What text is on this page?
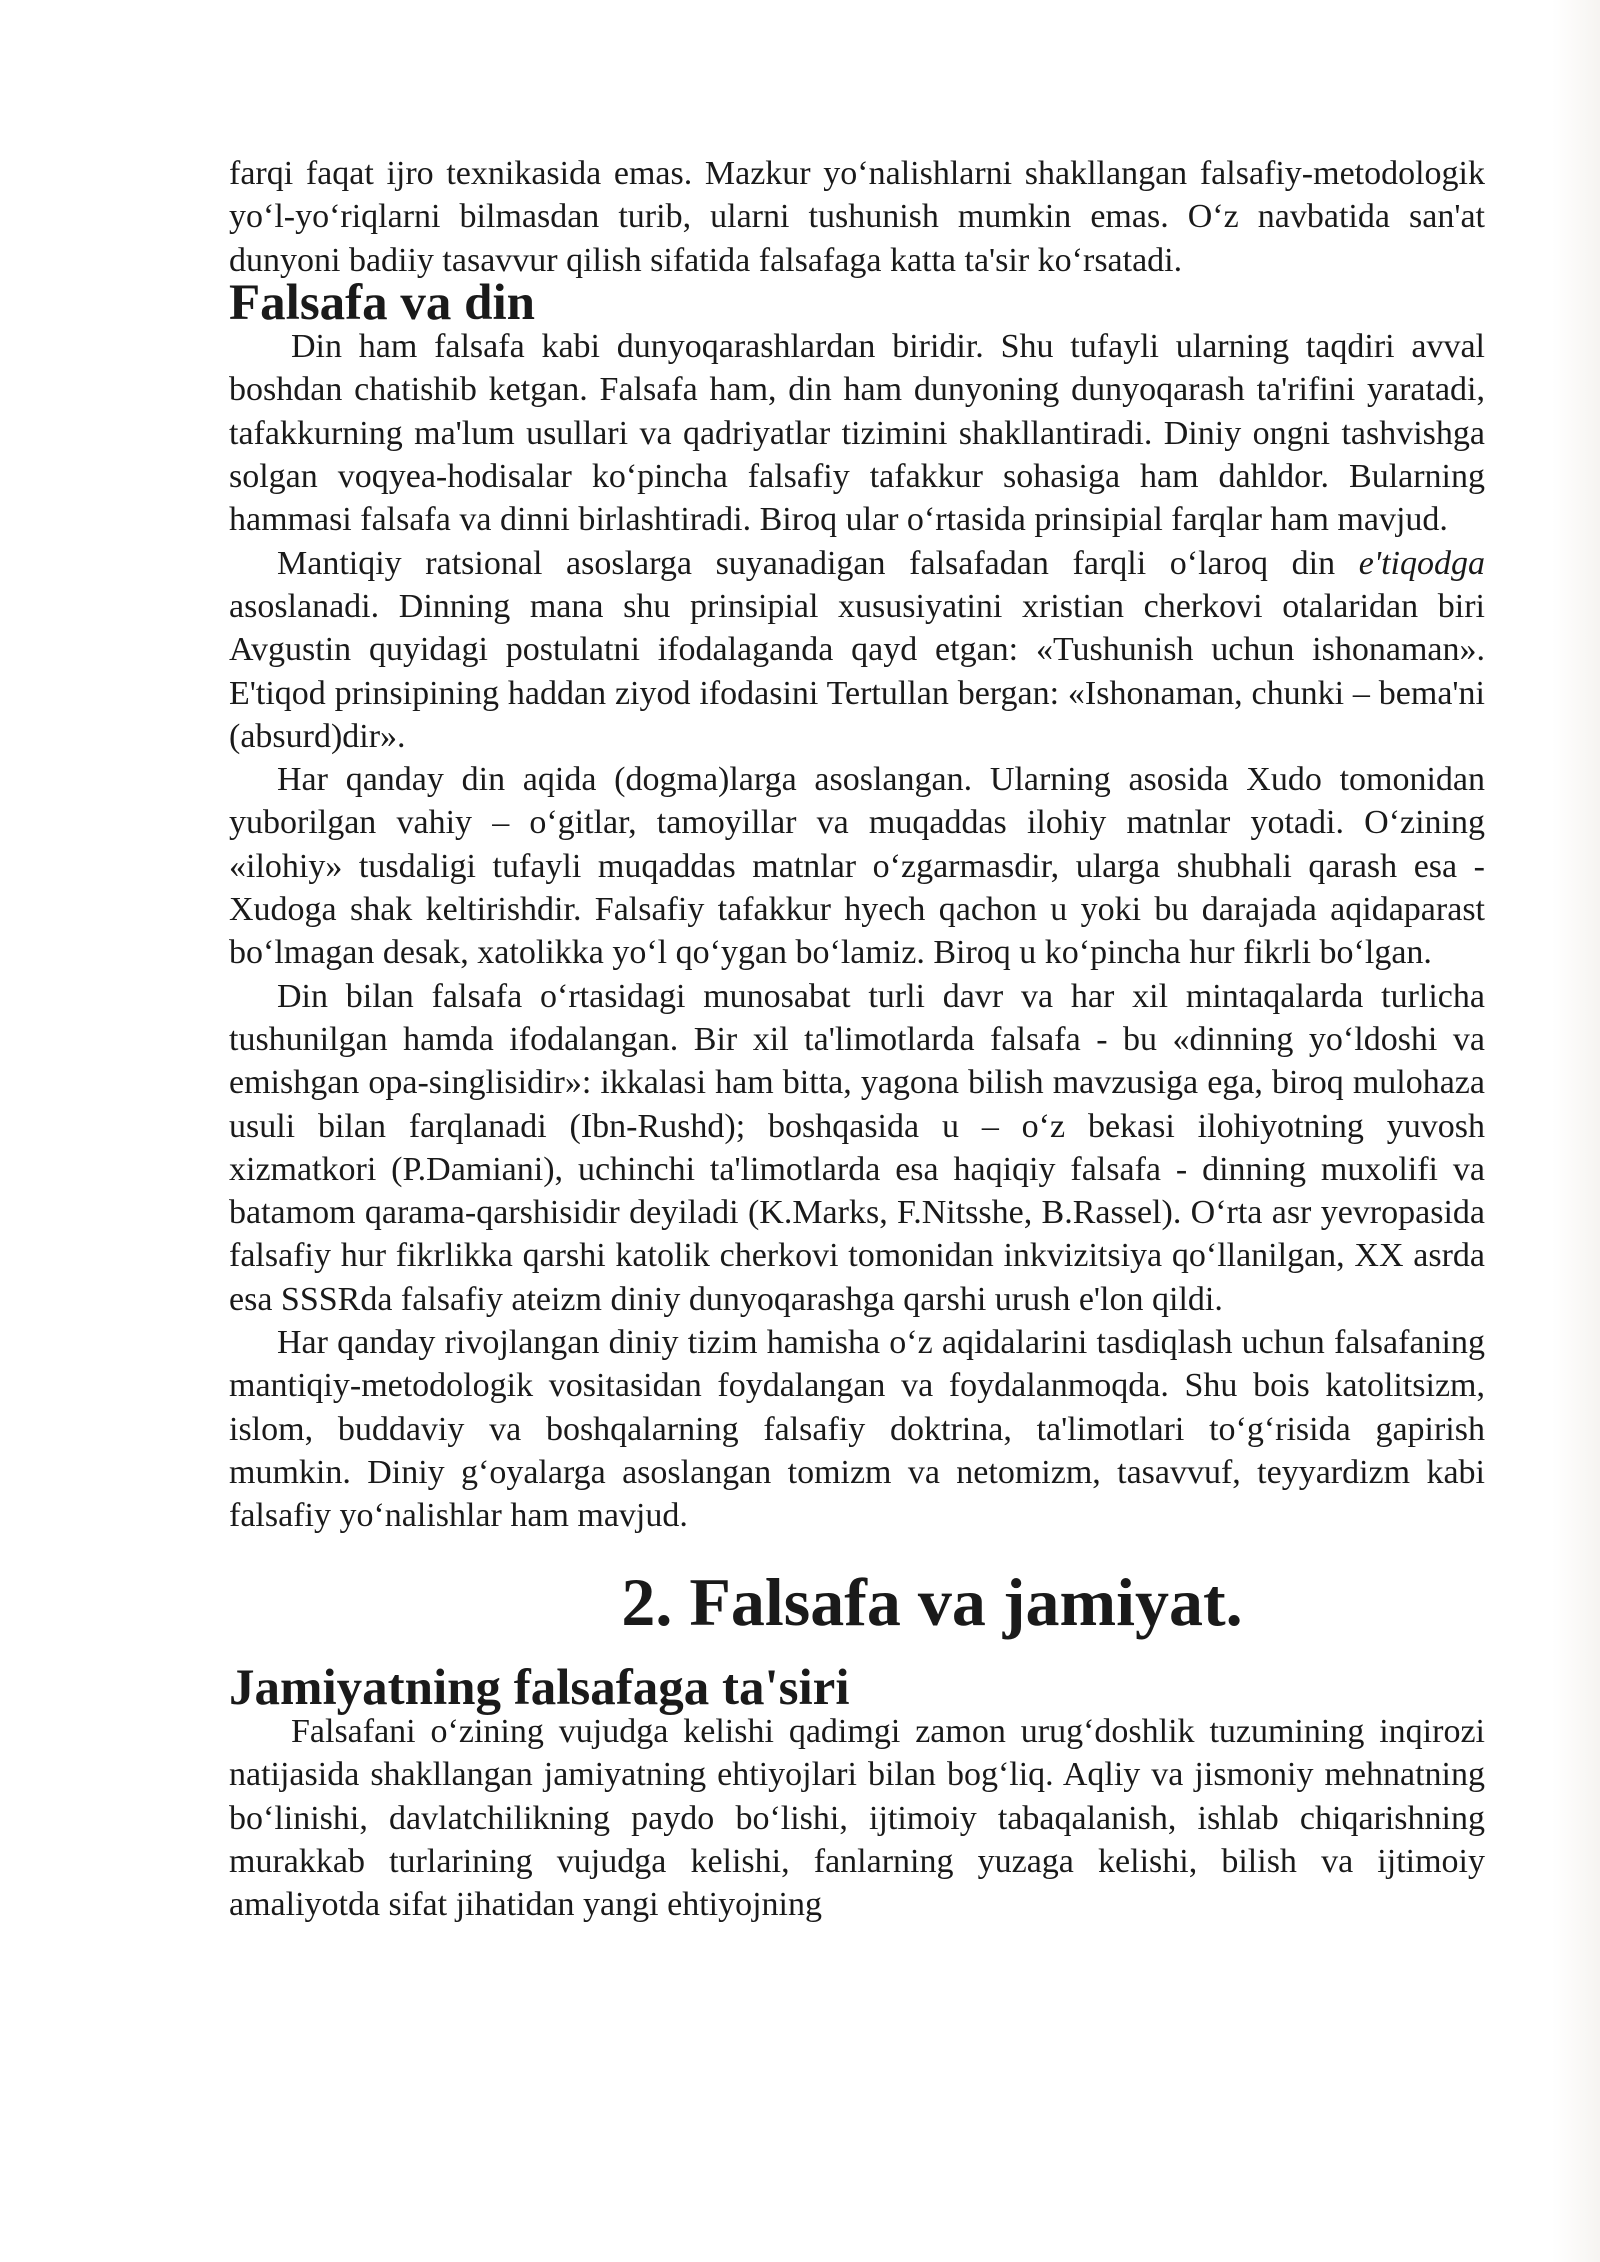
farqi faqat ijro texnikasida emas. Mazkur yo‘nalishlarni shakllangan falsafiy-metodologik yo‘l-yo‘riqlarni bilmasdan turib, ularni tushunish mumkin emas. O‘z navbatida san'at dunyoni badiiy tasavvur qilish sifatida falsafaga katta ta'sir ko‘rsatadi.

Falsafa va din

Din ham falsafa kabi dunyoqarashlardan biridir. Shu tufayli ularning taqdiri avval boshdan chatishib ketgan. Falsafa ham, din ham dunyoning dunyoqarash ta'rifini yaratadi, tafakkurning ma'lum usullari va qadriyatlar tizimini shakllantiradi. Diniy ongni tashvishga solgan voqyea-hodisalar ko‘pincha falsafiy tafakkur sohasiga ham dahldor. Bularning hammasi falsafa va dinni birlashtiradi. Biroq ular o‘rtasida prinsipial farqlar ham mavjud.

Mantiqiy ratsional asoslarga suyanadigan falsafadan farqli o‘laroq din e'tiqodga asoslanadi. Dinning mana shu prinsipial xususiyatini xristian cherkovi otalaridan biri Avgustin quyidagi postulatni ifodalaganda qayd etgan: «Tushunish uchun ishonaman». E'tiqod prinsipining haddan ziyod ifodasini Tertullan bergan: «Ishonaman, chunki – bema'ni (absurd)dir».

Har qanday din aqida (dogma)larga asoslangan. Ularning asosida Xudo tomonidan yuborilgan vahiy – o‘gitlar, tamoyillar va muqaddas ilohiy matnlar yotadi. O‘zining «ilohiy» tusdaligi tufayli muqaddas matnlar o‘zgarmasdir, ularga shubhali qarash esa - Xudoga shak keltirishdir. Falsafiy tafakkur hyech qachon u yoki bu darajada aqidaparast bo‘lmagan desak, xatolikka yo‘l qo‘ygan bo‘lamiz. Biroq u ko‘pincha hur fikrli bo‘lgan.

Din bilan falsafa o‘rtasidagi munosabat turli davr va har xil mintaqalarda turlicha tushunilgan hamda ifodalangan. Bir xil ta'limotlarda falsafa - bu «dinning yo‘ldoshi va emishgan opa-singlisidir»: ikkalasi ham bitta, yagona bilish mavzusiga ega, biroq mulohaza usuli bilan farqlanadi (Ibn-Rushd); boshqasida u – o‘z bekasi ilohiyotning yuvosh xizmatkori (P.Damiani), uchinchi ta'limotlarda esa haqiqiy falsafa - dinning muxolifi va batamom qarama-qarshisidir deyiladi (K.Marks, F.Nitsshe, B.Rassel). O‘rta asr yevropasida falsafiy hur fikrlikka qarshi katolik cherkovi tomonidan inkvizitsiya qo‘llanilgan, XX asrda esa SSSRda falsafiy ateizm diniy dunyoqarashga qarshi urush e'lon qildi.

Har qanday rivojlangan diniy tizim hamisha o‘z aqidalarini tasdiqlash uchun falsafaning mantiqiy-metodologik vositasidan foydalangan va foydalanmoqda. Shu bois katolitsizm, islom, buddaviy va boshqalarning falsafiy doktrina, ta'limotlari to‘g‘risida gapirish mumkin. Diniy g‘oyalarga asoslangan tomizm va netomizm, tasavvuf, teyyardizm kabi falsafiy yo‘nalishlar ham mavjud.

2. Falsafa va jamiyat.
Jamiyatning falsafaga ta'siri

Falsafani o‘zining vujudga kelishi qadimgi zamon urug‘doshlik tuzumining inqirozi natijasida shakllangan jamiyatning ehtiyojlari bilan bog‘liq. Aqliy va jismoniy mehnatning bo‘linishi, davlatchilikning paydo bo‘lishi, ijtimoiy tabaqalanish, ishlab chiqarishning murakkab turlarining vujudga kelishi, fanlarning yuzaga kelishi, bilish va ijtimoiy amaliyotda sifat jihatidan yangi ehtiyojning
